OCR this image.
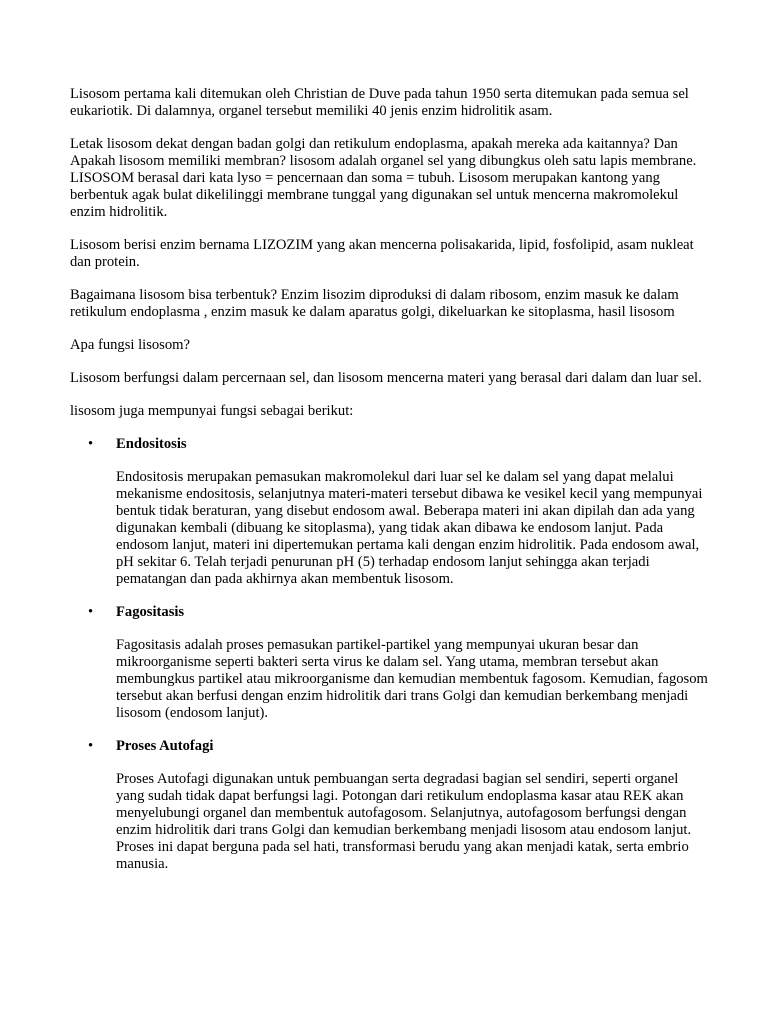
Lisosom pertama kali ditemukan oleh Christian de Duve pada tahun 1950 serta ditemukan pada semua sel eukariotik. Di dalamnya, organel tersebut memiliki 40 jenis enzim hidrolitik asam.

Letak lisosom dekat dengan badan golgi dan retikulum endoplasma, apakah mereka ada kaitannya? Dan Apakah lisosom memiliki membran? lisosom adalah organel sel yang dibungkus oleh satu lapis membrane. LISOSOM berasal dari kata lyso = pencernaan dan soma = tubuh. Lisosom merupakan kantong yang berbentuk agak bulat dikelilinggi membrane tunggal yang digunakan sel untuk mencerna makromolekul enzim hidrolitik.

Lisosom berisi enzim bernama LIZOZIM yang akan mencerna polisakarida, lipid, fosfolipid, asam nukleat dan protein.

Bagaimana lisosom bisa terbentuk? Enzim lisozim diproduksi di dalam ribosom, enzim masuk ke dalam retikulum endoplasma , enzim masuk ke dalam aparatus golgi, dikeluarkan ke sitoplasma, hasil lisosom

Apa fungsi lisosom?

Lisosom berfungsi dalam percernaan sel, dan lisosom mencerna materi yang berasal dari dalam dan luar sel.

lisosom juga mempunyai fungsi sebagai berikut:

• Endositosis
Endositosis merupakan pemasukan makromolekul dari luar sel ke dalam sel yang dapat melalui mekanisme endositosis, selanjutnya materi-materi tersebut dibawa ke vesikel kecil yang mempunyai bentuk tidak beraturan, yang disebut endosom awal. Beberapa materi ini akan dipilah dan ada yang digunakan kembali (dibuang ke sitoplasma), yang tidak akan dibawa ke endosom lanjut. Pada endosom lanjut, materi ini dipertemukan pertama kali dengan enzim hidrolitik. Pada endosom awal, pH sekitar 6. Telah terjadi penurunan pH (5) terhadap endosom lanjut sehingga akan terjadi pematangan dan pada akhirnya akan membentuk lisosom.
• Fagositasis
Fagositasis adalah proses pemasukan partikel-partikel yang mempunyai ukuran besar dan mikroorganisme seperti bakteri serta virus ke dalam sel. Yang utama, membran tersebut akan membungkus partikel atau mikroorganisme dan kemudian membentuk fagosom. Kemudian, fagosom tersebut akan berfusi dengan enzim hidrolitik dari trans Golgi dan kemudian berkembang menjadi lisosom (endosom lanjut).
• Proses Autofagi
Proses Autofagi digunakan untuk pembuangan serta degradasi bagian sel sendiri, seperti organel yang sudah tidak dapat berfungsi lagi. Potongan dari retikulum endoplasma kasar atau REK akan menyelubungi organel dan membentuk autofagosom. Selanjutnya, autofagosom berfungsi dengan enzim hidrolitik dari trans Golgi dan kemudian berkembang menjadi lisosom atau endosom lanjut. Proses ini dapat berguna pada sel hati, transformasi berudu yang akan menjadi katak, serta embrio manusia.
